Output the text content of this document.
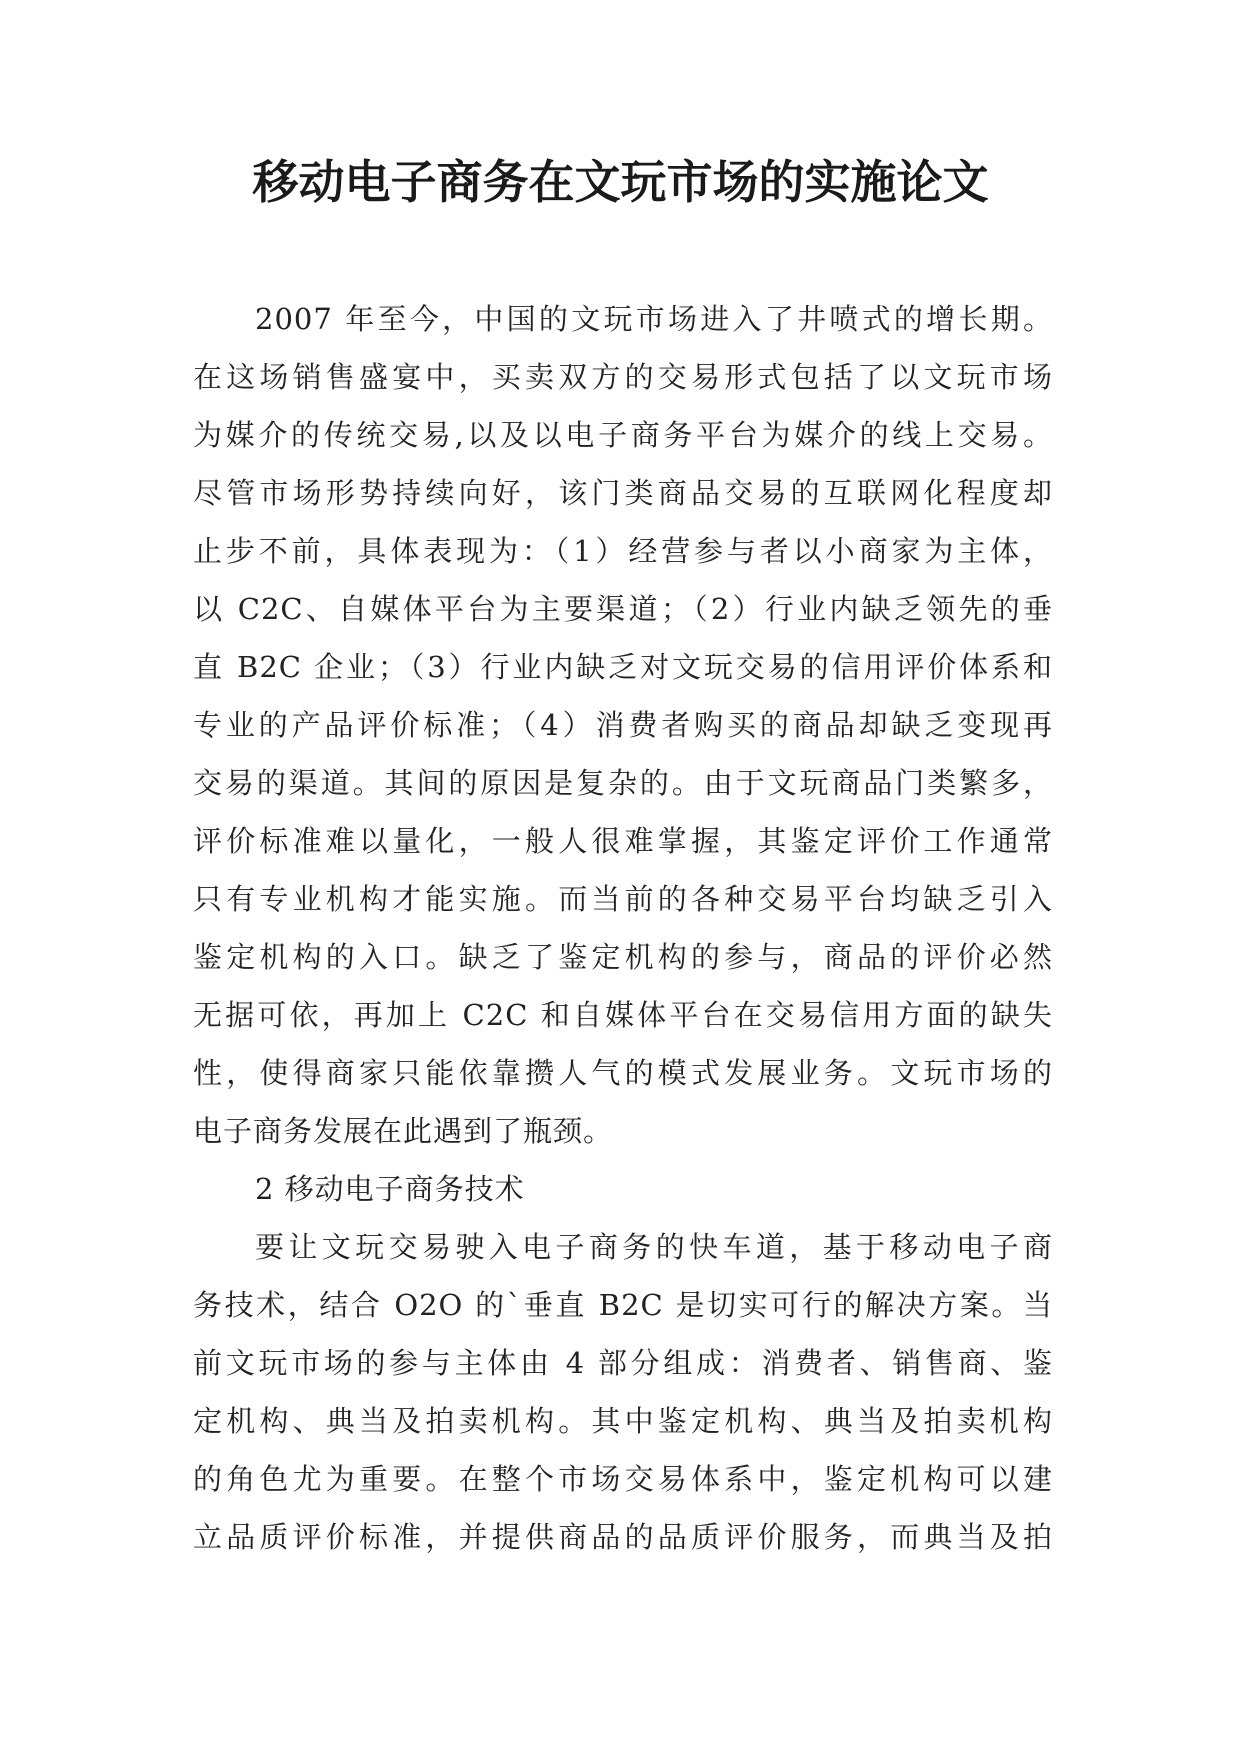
移动电子商务在文玩市场的实施论文
2007 年至今，中国的文玩市场进入了井喷式的增长期。
在这场销售盛宴中，买卖双方的交易形式包括了以文玩市场
为媒介的传统交易,以及以电子商务平台为媒介的线上交易。
尽管市场形势持续向好，该门类商品交易的互联网化程度却
止步不前，具体表现为：（1）经营参与者以小商家为主体，
以 C2C、自媒体平台为主要渠道；（2）行业内缺乏领先的垂
直 B2C 企业；（3）行业内缺乏对文玩交易的信用评价体系和
专业的产品评价标准；（4）消费者购买的商品却缺乏变现再
交易的渠道。其间的原因是复杂的。由于文玩商品门类繁多，
评价标准难以量化，一般人很难掌握，其鉴定评价工作通常
只有专业机构才能实施。而当前的各种交易平台均缺乏引入
鉴定机构的入口。缺乏了鉴定机构的参与，商品的评价必然
无据可依，再加上 C2C 和自媒体平台在交易信用方面的缺失
性，使得商家只能依靠攒人气的模式发展业务。文玩市场的
电子商务发展在此遇到了瓶颈。
2 移动电子商务技术
要让文玩交易驶入电子商务的快车道，基于移动电子商
务技术，结合 O2O 的`垂直 B2C 是切实可行的解决方案。当
前文玩市场的参与主体由 4 部分组成：消费者、销售商、鉴
定机构、典当及拍卖机构。其中鉴定机构、典当及拍卖机构
的角色尤为重要。在整个市场交易体系中，鉴定机构可以建
立品质评价标准，并提供商品的品质评价服务，而典当及拍
